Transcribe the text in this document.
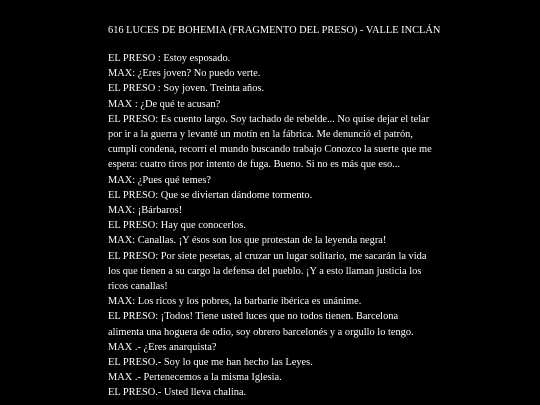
616 LUCES DE BOHEMIA (FRAGMENTO DEL PRESO) - VALLE INCLÁN

EL PRESO : Estoy esposado.

MAX: ¿Eres joven? No puedo verte.

EL PRESO : Soy joven. Treinta años.

MAX : ¿De qué te acusan?

EL PRESO: Es cuento largo. Soy tachado de rebelde... No quise dejar el telar por ir a la guerra y levanté un motín en la fábrica. Me denunció el patrón, cumplí condena, recorrí el mundo buscando trabajo Conozco la suerte que me espera: cuatro tiros por intento de fuga. Bueno. Si no es más que eso...

MAX: ¿Pues qué temes?

EL PRESO: Que se diviertan dándome tormento.

MAX: ¡Bárbaros!

EL PRESO: Hay que conocerlos.

MAX: Canallas. ¡Y ésos son los que protestan de la leyenda negra!

EL PRESO: Por siete pesetas, al cruzar un lugar solitario, me sacarán la vida los que tienen a su cargo la defensa del pueblo. ¡Y a esto llaman justicia los ricos canallas!

MAX: Los ricos y los pobres, la barbarie ibérica es unánime.

EL PRESO: ¡Todos! Tiene usted luces que no todos tienen. Barcelona alimenta una hoguera de odio, soy obrero barcelonés y a orgullo lo tengo.

MAX .- ¿Eres anarquista?

EL PRESO.- Soy lo que me han hecho las Leyes.

MAX .- Pertenecemos a la misma Iglesia.

EL PRESO.- Usted lleva chalina.
